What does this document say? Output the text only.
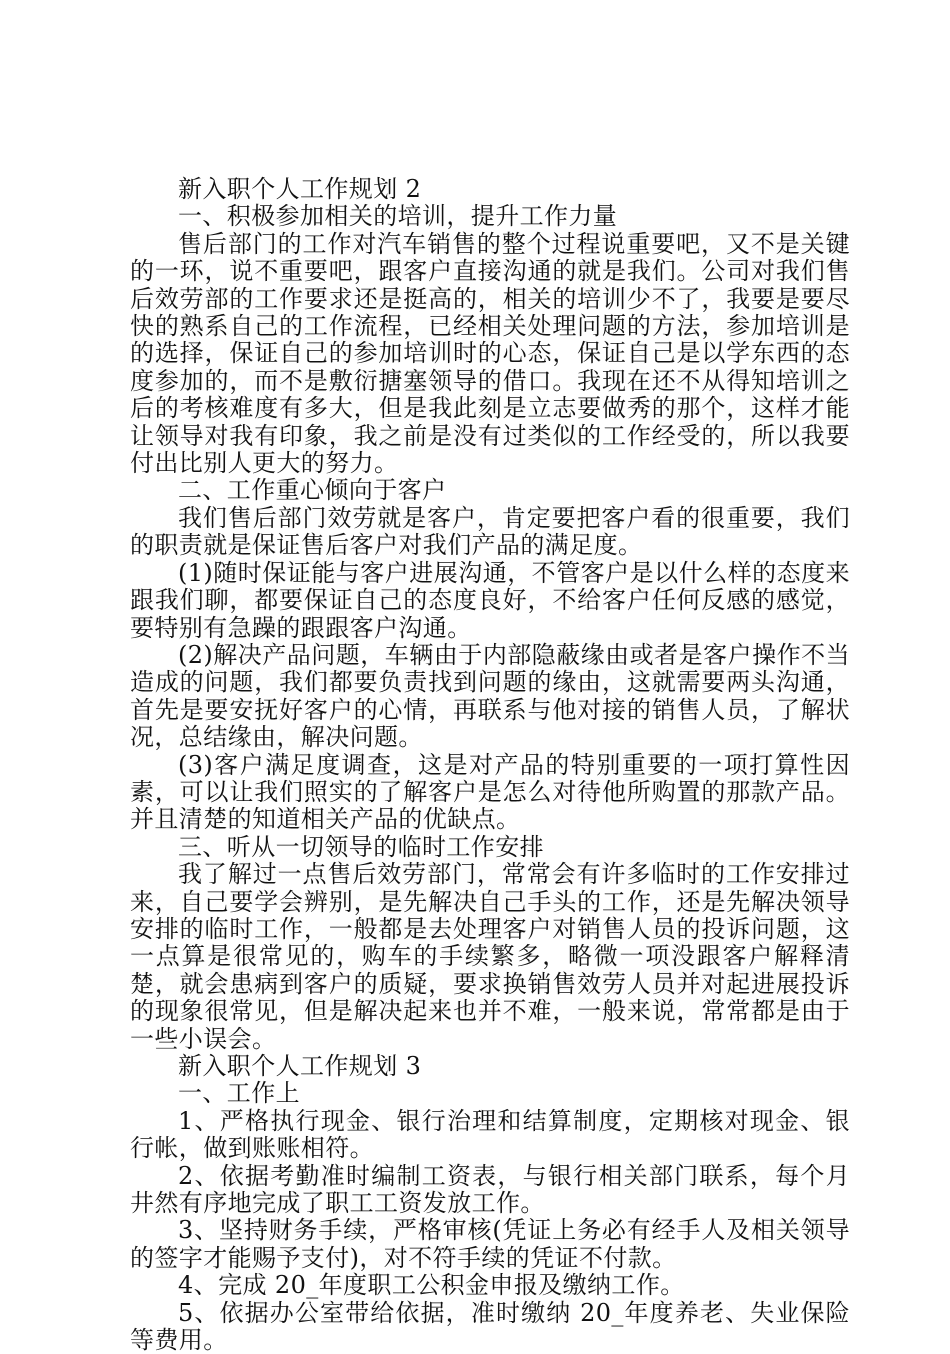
新入职个人工作规划 2

一、积极参加相关的培训，提升工作力量

售后部门的工作对汽车销售的整个过程说重要吧，又不是关键的一环，说不重要吧，跟客户直接沟通的就是我们。公司对我们售后效劳部的工作要求还是挺高的，相关的培训少不了，我要是要尽快的熟系自己的工作流程，已经相关处理问题的方法，参加培训是的选择，保证自己的参加培训时的心态，保证自己是以学东西的态度参加的，而不是敷衍搪塞领导的借口。我现在还不从得知培训之后的考核难度有多大，但是我此刻是立志要做秀的那个，这样才能让领导对我有印象，我之前是没有过类似的工作经受的，所以我要付出比别人更大的努力。

二、工作重心倾向于客户

我们售后部门效劳就是客户，肯定要把客户看的很重要，我们的职责就是保证售后客户对我们产品的满足度。

(1)随时保证能与客户进展沟通，不管客户是以什么样的态度来跟我们聊，都要保证自己的态度良好，不给客户任何反感的感觉，要特别有急躁的跟跟客户沟通。

(2)解决产品问题，车辆由于内部隐蔽缘由或者是客户操作不当造成的问题，我们都要负责找到问题的缘由，这就需要两头沟通，首先是要安抚好客户的心情，再联系与他对接的销售人员，了解状况，总结缘由，解决问题。

(3)客户满足度调查，这是对产品的特别重要的一项打算性因素，可以让我们照实的了解客户是怎么对待他所购置的那款产品。并且清楚的知道相关产品的优缺点。

三、听从一切领导的临时工作安排

我了解过一点售后效劳部门，常常会有许多临时的工作安排过来，自己要学会辨别，是先解决自己手头的工作，还是先解决领导安排的临时工作，一般都是去处理客户对销售人员的投诉问题，这一点算是很常见的，购车的手续繁多，略微一项没跟客户解释清楚，就会患病到客户的质疑，要求换销售效劳人员并对起进展投诉的现象很常见，但是解决起来也并不难，一般来说，常常都是由于一些小误会。

新入职个人工作规划 3

一、工作上

1、严格执行现金、银行治理和结算制度，定期核对现金、银行帐，做到账账相符。

2、依据考勤准时编制工资表，与银行相关部门联系，每个月井然有序地完成了职工工资发放工作。

3、坚持财务手续，严格审核(凭证上务必有经手人及相关领导的签字才能赐予支付)，对不符手续的凭证不付款。

4、完成 20_年度职工公积金申报及缴纳工作。

5、依据办公室带给依据，准时缴纳 20_年度养老、失业保险等费用。
